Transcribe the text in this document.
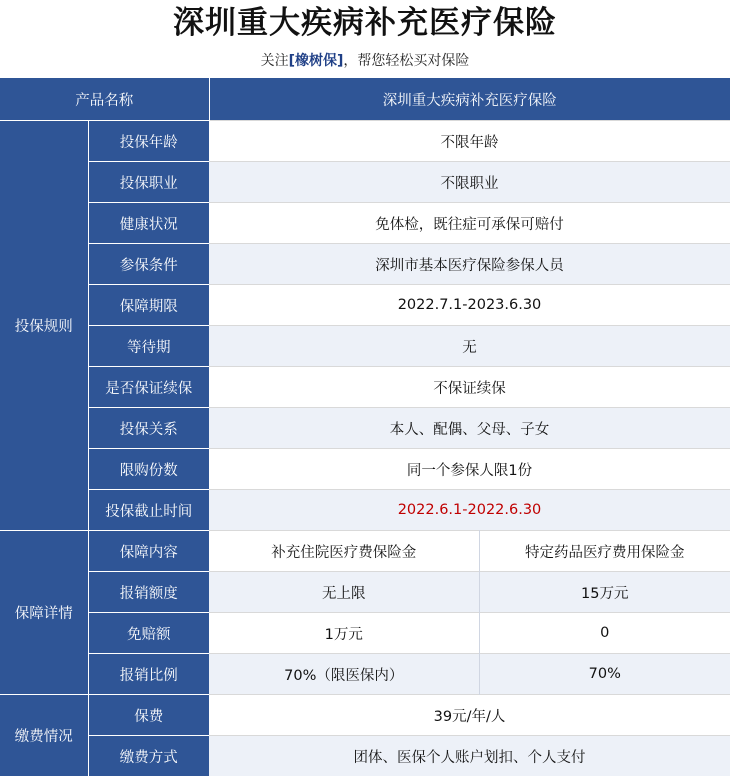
深圳重大疾病补充医疗保险
关注[橡树保]，帮您轻松买对保险
产品名称		深圳重大疾病补充医疗保险	
投保规则	投保年龄	不限年龄	
	投保职业	不限职业	
	健康状况	免体检，既往症可承保可赔付	
	参保条件	深圳市基本医疗保险参保人员	
	保障期限	2022.7.1-2023.6.30	
	等待期	无	
	是否保证续保	不保证续保	
	投保关系	本人、配偶、父母、子女	
	限购份数	同一个参保人限1份	
	投保截止时间	2022.6.1-2022.6.30	
保障详情	保障内容	补充住院医疗费保险金	特定药品医疗费用保险金
	报销额度	无上限	15万元
	免赔额	1万元	0
	报销比例	70%（限医保内）	70%
缴费情况	保费	39元/年/人	
	缴费方式	团体、医保个人账户划扣、个人支付	
